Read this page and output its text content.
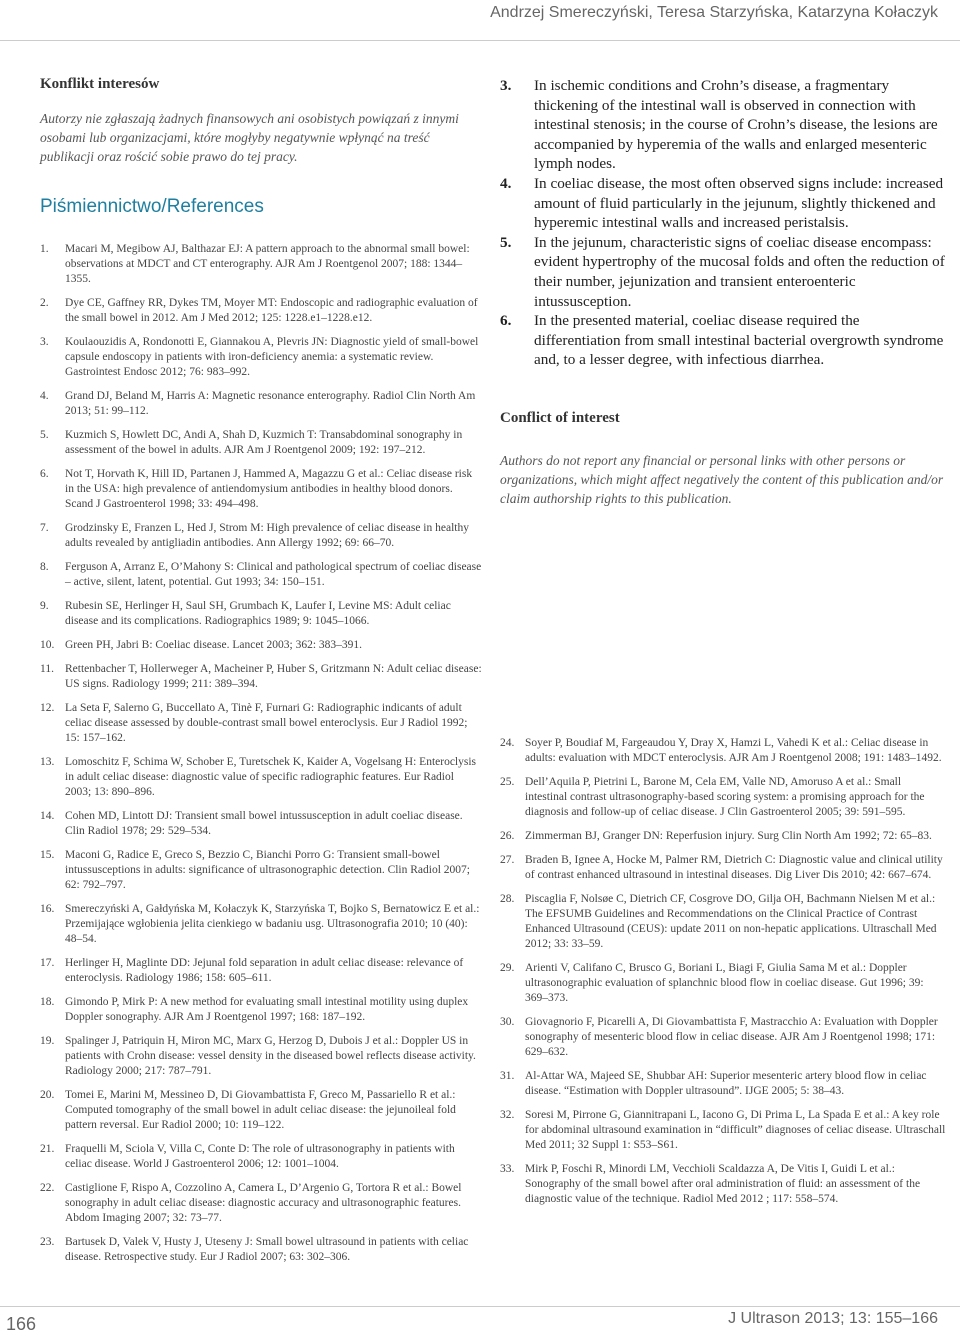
Andrzej Smereczyński, Teresa Starzyńska, Katarzyna Kołaczyk
Konflikt interesów

Autorzy nie zgłaszają żadnych finansowych ani osobistych powiązań z innymi osobami lub organizacjami, które mogłyby negatywnie wpłynąć na treść publikacji oraz rościć sobie prawo do tej pracy.

Piśmiennictwo/References
1.	Macari M, Megibow AJ, Balthazar EJ: A pattern approach to the abnormal small bowel: observations at MDCT and CT enterography. AJR Am J Roentgenol 2007; 188: 1344–1355.
2.	Dye CE, Gaffney RR, Dykes TM, Moyer MT: Endoscopic and radiographic evaluation of the small bowel in 2012. Am J Med 2012; 125: 1228.e1–1228.e12.
3.	Koulaouzidis A, Rondonotti E, Giannakou A, Plevris JN: Diagnostic yield of small-bowel capsule endoscopy in patients with iron-deficiency anemia: a systematic review. Gastrointest Endosc 2012; 76: 983–992.
4.	Grand DJ, Beland M, Harris A: Magnetic resonance enterography. Radiol Clin North Am 2013; 51: 99–112.
5.	Kuzmich S, Howlett DC, Andi A, Shah D, Kuzmich T: Transabdominal sonography in assessment of the bowel in adults. AJR Am J Roentgenol 2009; 192: 197–212.
6.	Not T, Horvath K, Hill ID, Partanen J, Hammed A, Magazzu G et al.: Celiac disease risk in the USA: high prevalence of antiendomysium antibodies in healthy blood donors. Scand J Gastroenterol 1998; 33: 494–498.
7.	Grodzinsky E, Franzen L, Hed J, Strom M: High prevalence of celiac disease in healthy adults revealed by antigliadin antibodies. Ann Allergy 1992; 69: 66–70.
8.	Ferguson A, Arranz E, O’Mahony S: Clinical and pathological spectrum of coeliac disease – active, silent, latent, potential. Gut 1993; 34: 150–151.
9.	Rubesin SE, Herlinger H, Saul SH, Grumbach K, Laufer I, Levine MS: Adult celiac disease and its complications. Radiographics 1989; 9: 1045–1066.
10. Green PH, Jabri B: Coeliac disease. Lancet 2003; 362: 383–391.
11. Rettenbacher T, Hollerweger A, Macheiner P, Huber S, Gritzmann N: Adult celiac disease: US signs. Radiology 1999; 211: 389–394.
12. La Seta F, Salerno G, Buccellato A, Tinè F, Furnari G: Radiographic indicants of adult celiac disease assessed by double-contrast small bowel enteroclysis. Eur J Radiol 1992; 15: 157–162.
13. Lomoschitz F, Schima W, Schober E, Turetschek K, Kaider A, Vogelsang H: Enteroclysis in adult celiac disease: diagnostic value of specific radiographic features. Eur Radiol 2003; 13: 890–896.
14. Cohen MD, Lintott DJ: Transient small bowel intussusception in adult coeliac disease. Clin Radiol 1978; 29: 529–534.
15. Maconi G, Radice E, Greco S, Bezzio C, Bianchi Porro G: Transient small-bowel intussusceptions in adults: significance of ultrasonographic detection. Clin Radiol 2007; 62: 792–797.
16. Smereczyński A, Gałdyńska M, Kołaczyk K, Starzyńska T, Bojko S, Bernatowicz E et al.: Przemijające wgłobienia jelita cienkiego w badaniu usg. Ultrasonografia 2010; 10 (40): 48–54.
17. Herlinger H, Maglinte DD: Jejunal fold separation in adult celiac disease: relevance of enteroclysis. Radiology 1986; 158: 605–611.
18. Gimondo P, Mirk P: A new method for evaluating small intestinal motility using duplex Doppler sonography. AJR Am J Roentgenol 1997; 168: 187–192.
19. Spalinger J, Patriquin H, Miron MC, Marx G, Herzog D, Dubois J et al.: Doppler US in patients with Crohn disease: vessel density in the diseased bowel reflects disease activity. Radiology 2000; 217: 787–791.
20. Tomei E, Marini M, Messineo D, Di Giovambattista F, Greco M, Passariello R et al.: Computed tomography of the small bowel in adult celiac disease: the jejunoileal fold pattern reversal. Eur Radiol 2000; 10: 119–122.
21. Fraquelli M, Sciola V, Villa C, Conte D: The role of ultrasonography in patients with celiac disease. World J Gastroenterol 2006; 12: 1001–1004.
22. Castiglione F, Rispo A, Cozzolino A, Camera L, D’Argenio G, Tortora R et al.: Bowel sonography in adult celiac disease: diagnostic accuracy and ultrasonographic features. Abdom Imaging 2007; 32: 73–77.
23. Bartusek D, Valek V, Husty J, Uteseny J: Small bowel ultrasound in patients with celiac disease. Retrospective study. Eur J Radiol 2007; 63: 302–306.
3.	In ischemic conditions and Crohn’s disease, a fragmentary thickening of the intestinal wall is observed in connection with intestinal stenosis; in the course of Crohn’s disease, the lesions are accompanied by hyperemia of the walls and enlarged mesenteric lymph nodes.
4.	In coeliac disease, the most often observed signs include: increased amount of fluid particularly in the jejunum, slightly thickened and hyperemic intestinal walls and increased peristalsis.
5.	In the jejunum, characteristic signs of coeliac disease encompass: evident hypertrophy of the mucosal folds and often the reduction of their number, jejunization and transient enteroenteric intussusception.
6.	In the presented material, coeliac disease required the differentiation from small intestinal bacterial overgrowth syndrome and, to a lesser degree, with infectious diarrhea.
Conflict of interest

Authors do not report any financial or personal links with other persons or organizations, which might affect negatively the content of this publication and/or claim authorship rights to this publication.

24. Soyer P, Boudiaf M, Fargeaudou Y, Dray X, Hamzi L, Vahedi K et al.: Celiac disease in adults: evaluation with MDCT enteroclysis. AJR Am J Roentgenol 2008; 191: 1483–1492.
25. Dell’Aquila P, Pietrini L, Barone M, Cela EM, Valle ND, Amoruso A et al.: Small intestinal contrast ultrasonography-based scoring system: a promising approach for the diagnosis and follow-up of celiac disease. J Clin Gastroenterol 2005; 39: 591–595.
26. Zimmerman BJ, Granger DN: Reperfusion injury. Surg Clin North Am 1992; 72: 65–83.
27. Braden B, Ignee A, Hocke M, Palmer RM, Dietrich C: Diagnostic value and clinical utility of contrast enhanced ultrasound in intestinal diseases. Dig Liver Dis 2010; 42: 667–674.
28. Piscaglia F, Nolsøe C, Dietrich CF, Cosgrove DO, Gilja OH, Bachmann Nielsen M et al.: The EFSUMB Guidelines and Recommendations on the Clinical Practice of Contrast Enhanced Ultrasound (CEUS): update 2011 on non-hepatic applications. Ultraschall Med 2012; 33: 33–59.
29. Arienti V, Califano C, Brusco G, Boriani L, Biagi F, Giulia Sama M et al.: Doppler ultrasonographic evaluation of splanchnic blood flow in coeliac disease. Gut 1996; 39: 369–373.
30. Giovagnorio F, Picarelli A, Di Giovambattista F, Mastracchio A: Evaluation with Doppler sonography of mesenteric blood flow in celiac disease. AJR Am J Roentgenol 1998; 171: 629–632.
31. Al-Attar WA, Majeed SE, Shubbar AH: Superior mesenteric artery blood flow in celiac disease. “Estimation with Doppler ultrasound”. IJGE 2005; 5: 38–43.
32. Soresi M, Pirrone G, Giannitrapani L, Iacono G, Di Prima L, La Spada E et al.: A key role for abdominal ultrasound examination in “difficult” diagnoses of celiac disease. Ultraschall Med 2011; 32 Suppl 1: S53–S61.
33. Mirk P, Foschi R, Minordi LM, Vecchioli Scaldazza A, De Vitis I, Guidi L et al.: Sonography of the small bowel after oral administration of fluid: an assessment of the diagnostic value of the technique. Radiol Med 2012 ; 117: 558–574.
166	J Ultrason 2013; 13: 155–166
